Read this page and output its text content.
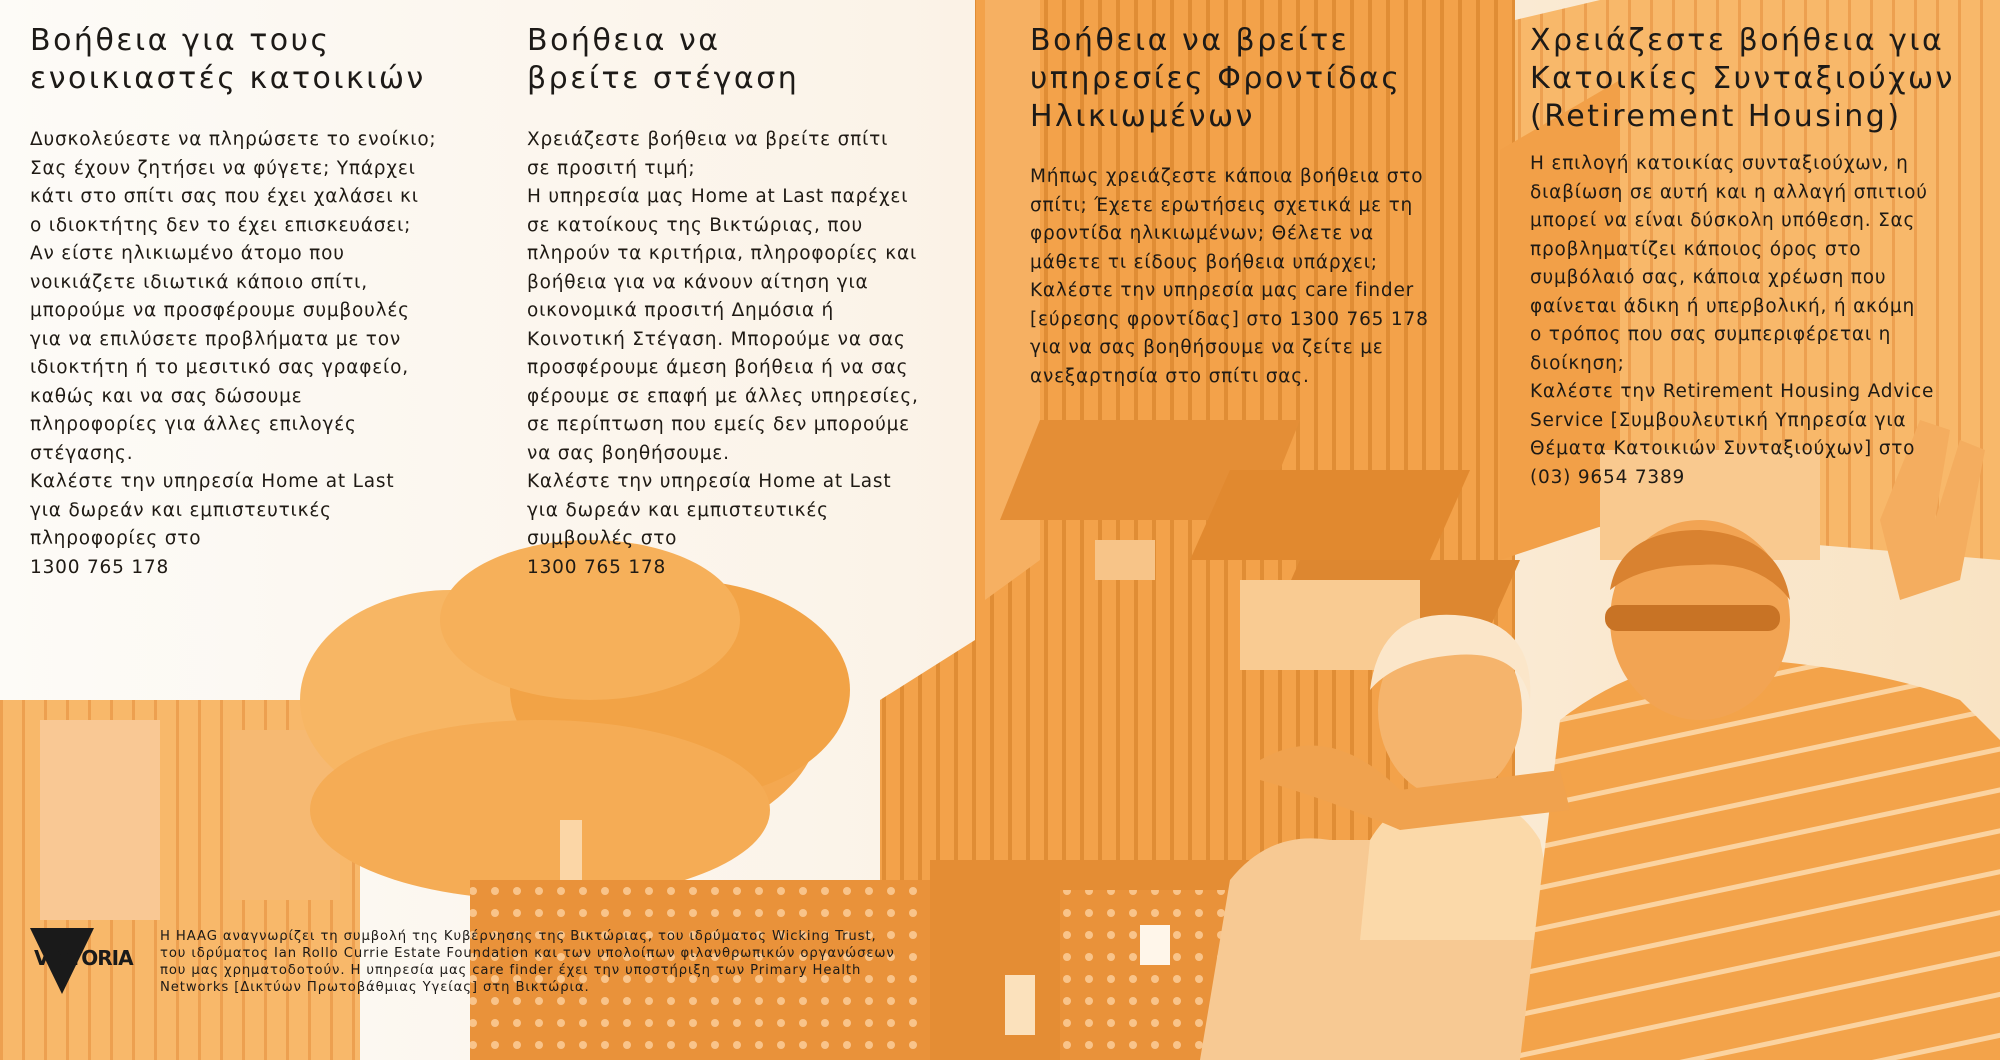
Βοήθεια για τους
ενοικιαστές κατοικιών

Δυσκολεύεστε να πληρώσετε το ενοίκιο;

Σας έχουν ζητήσει να φύγετε; Υπάρχει

κάτι στο σπίτι σας που έχει χαλάσει κι

ο ιδιοκτήτης δεν το έχει επισκευάσει;

Αν είστε ηλικιωμένο άτομο που

νοικιάζετε ιδιωτικά κάποιο σπίτι,

μπορούμε να προσφέρουμε συμβουλές

για να επιλύσετε προβλήματα με τον

ιδιοκτήτη ή το μεσιτικό σας γραφείο,

καθώς και να σας δώσουμε

πληροφορίες για άλλες επιλογές

στέγασης.

Καλέστε την υπηρεσία Home at Last

για δωρεάν και εμπιστευτικές

πληροφορίες στο

1300 765 178

Βοήθεια να
βρείτε στέγαση

Χρειάζεστε βοήθεια να βρείτε σπίτι

σε προσιτή τιμή;

Η υπηρεσία μας Home at Last παρέχει

σε κατοίκους της Βικτώριας, που

πληρούν τα κριτήρια, πληροφορίες και

βοήθεια για να κάνουν αίτηση για

οικονομικά προσιτή Δημόσια ή

Κοινοτική Στέγαση. Μπορούμε να σας

προσφέρουμε άμεση βοήθεια ή να σας

φέρουμε σε επαφή με άλλες υπηρεσίες,

σε περίπτωση που εμείς δεν μπορούμε

να σας βοηθήσουμε.

Καλέστε την υπηρεσία Home at Last

για δωρεάν και εμπιστευτικές

συμβουλές στο

1300 765 178

Βοήθεια να βρείτε
υπηρεσίες Φροντίδας
Ηλικιωμένων

Μήπως χρειάζεστε κάποια βοήθεια στο

σπίτι; Έχετε ερωτήσεις σχετικά με τη

φροντίδα ηλικιωμένων; Θέλετε να

μάθετε τι είδους βοήθεια υπάρχει;

Καλέστε την υπηρεσία μας care finder

[εύρεσης φροντίδας] στο 1300 765 178

για να σας βοηθήσουμε να ζείτε με

ανεξαρτησία στο σπίτι σας.

Χρειάζεστε βοήθεια για
Κατοικίες Συνταξιούχων
(Retirement Housing)

Η επιλογή κατοικίας συνταξιούχων, η

διαβίωση σε αυτή και η αλλαγή σπιτιού

μπορεί να είναι δύσκολη υπόθεση. Σας

προβληματίζει κάποιος όρος στο

συμβόλαιό σας, κάποια χρέωση που

φαίνεται άδικη ή υπερβολική, ή ακόμη

ο τρόπος που σας συμπεριφέρεται η

διοίκηση;

Καλέστε την Retirement Housing Advice

Service [Συμβουλευτική Υπηρεσία για

Θέματα Κατοικιών Συνταξιούχων] στο

(03) 9654 7389

VICTORIA

Η HAAG αναγνωρίζει τη συμβολή της Κυβέρνησης της Βικτώριας, του ιδρύματος Wicking Trust,
του ιδρύματος Ian Rollo Currie Estate Foundation και των υπολοίπων φιλανθρωπικών οργανώσεων
που μας χρηματοδοτούν. Η υπηρεσία μας care finder έχει την υποστήριξη των Primary Health
Networks [Δικτύων Πρωτοβάθμιας Υγείας] στη Βικτώρια.
